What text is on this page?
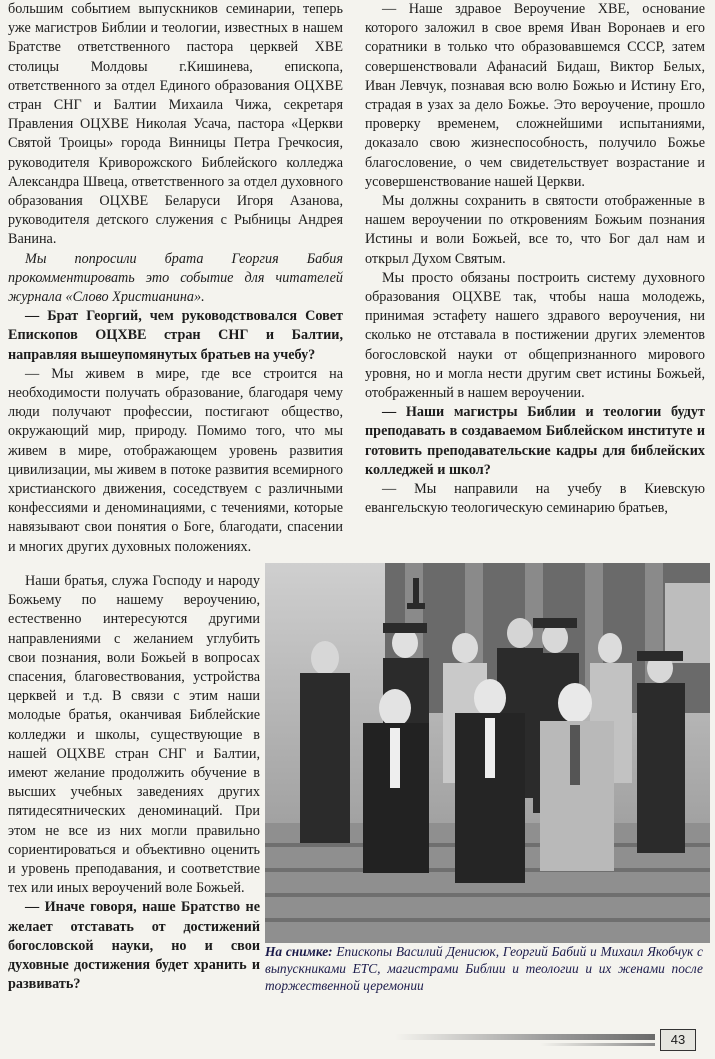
большим событием выпускников семинарии, теперь уже магистров Библии и теологии, известных в нашем Братстве ответственного пастора церквей ХВЕ столицы Молдовы г.Кишинева, епископа, ответственного за отдел Единого образования ОЦХВЕ стран СНГ и Балтии Михаила Чижа, секретаря Правления ОЦХВЕ Николая Усача, пастора «Церкви Святой Троицы» города Винницы Петра Гречкосия, руководителя Криворожского Библейского колледжа Александра Швеца, ответственного за отдел духовного образования ОЦХВЕ Беларуси Игоря Азанова, руководителя детского служения с Рыбницы Андрея Ванина.

Мы попросили брата Георгия Бабия прокомментировать это событие для читателей журнала «Слово Христианина».

— Брат Георгий, чем руководствовался Совет Епископов ОЦХВЕ стран СНГ и Балтии, направляя вышеупомянутых братьев на учебу?

— Мы живем в мире, где все строится на необходимости получать образование, благодаря чему люди получают профессии, постигают общество, окружающий мир, природу. Помимо того, что мы живем в мире, отображающем уровень развития цивилизации, мы живем в потоке развития всемирного христианского движения, соседствуем с различными конфессиями и деноминациями, с течениями, которые навязывают свои понятия о Боге, благодати, спасении и многих других духовных положениях.

Наши братья, служа Господу и народу Божьему по нашему вероучению, естественно интересуются другими направлениями с желанием углубить свои познания, воли Божьей в вопросах спасения, благовествования, устройства церквей и т.д. В связи с этим наши молодые братья, оканчивая Библейские колледжи и школы, существующие в нашей ОЦХВЕ стран СНГ и Балтии, имеют желание продолжить обучение в высших учебных заведениях других пятидесятнических деноминаций. При этом не все из них могли правильно сориентироваться и объективно оценить и уровень преподавания, и соответствие тех или иных вероучений воле Божьей.

— Иначе говоря, наше Братство не желает отставать от достижений богословской науки, но и свои духовные достижения будет хранить и развивать?

— Наше здравое Вероучение ХВЕ, основание которого заложил в свое время Иван Воронаев и его соратники в только что образовавшемся СССР, затем совершенствовали Афанасий Бидаш, Виктор Белых, Иван Левчук, познавая всю волю Божью и Истину Его, страдая в узах за дело Божье. Это вероучение, прошло проверку временем, сложнейшими испытаниями, доказало свою жизнеспособность, получило Божье благословение, о чем свидетельствует возрастание и усовершенствование нашей Церкви.

Мы должны сохранить в святости отображенные в нашем вероучении по откровениям Божьим познания Истины и воли Божьей, все то, что Бог дал нам и открыл Духом Святым.

Мы просто обязаны построить систему духовного образования ОЦХВЕ так, чтобы наша молодежь, принимая эстафету нашего здравого вероучения, ни сколько не отставала в постижении других элементов богословской науки от общепризнанного мирового уровня, но и могла нести другим свет истины Божьей, отображенный в нашем вероучении.

— Наши магистры Библии и теологии будут преподавать в создаваемом Библейском институте и готовить преподавательские кадры для библейских колледжей и школ?

— Мы направили на учебу в Киевскую евангельскую теологическую семинарию братьев,

На снимке: Епископы Василий Денисюк, Георгий Бабий и Михаил Якобчук с выпускниками ЕТС, магистрами Библии и теологии и их женами после торжественной церемонии
43
